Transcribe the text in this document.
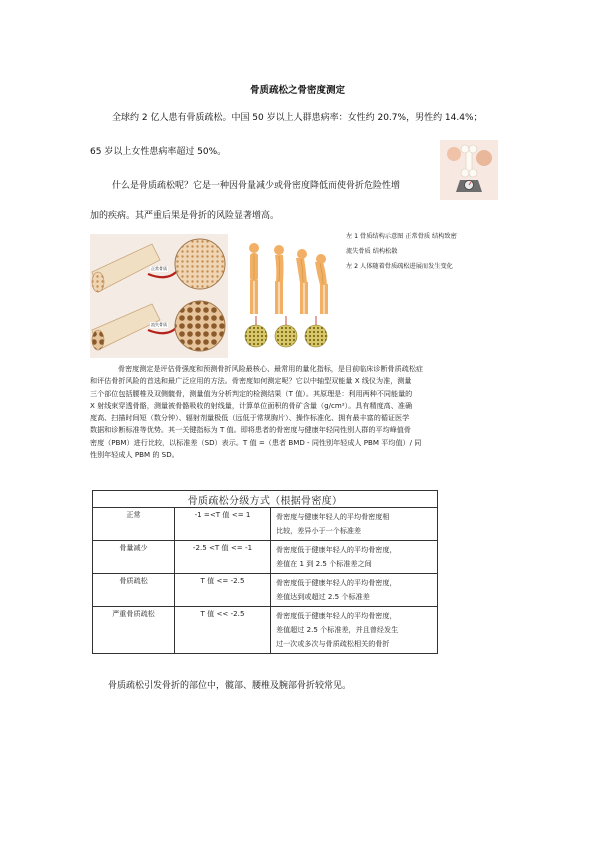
骨质疏松之骨密度测定
全球约 2 亿人患有骨质疏松。中国 50 岁以上人群患病率：女性约 20.7%，男性约 14.4%；
65 岁以上女性患病率超过 50%。
什么是骨质疏松呢？它是一种因骨量减少或骨密度降低而使骨折危险性增
加的疾病。其严重后果是骨折的风险显著增高。
正常骨质
流失骨质
左 1 骨质结构示意图 正常骨质 结构致密
流失骨质 结构松散
左 2 人体随着骨质疏松进展而发生变化
骨密度测定是评估骨强度和预测骨折风险最核心、最常用的量化指标，是目前临床诊断骨质疏松症
和评估骨折风险的首选和最广泛应用的方法。骨密度如何测定呢？它以中轴型双能量 X 线仪为准，测量
三个部位包括腰椎及双侧髋骨，测量值为分析判定的检测结果（T 值）。其原理是：利用两种不同能量的
X 射线束穿透骨骼，测量被骨骼吸收的射线量，计算单位面积的骨矿含量（g/cm²）。具有精度高、准确
度高、扫描时间短（数分钟）、辐射剂量极低（远低于常规胸片）、操作标准化、拥有最丰富的循证医学
数据和诊断标准等优势。其一关键指标为 T 值。即将患者的骨密度与健康年轻同性别人群的平均峰值骨
密度（PBM）进行比较，以标准差（SD）表示。T 值 =（患者 BMD - 同性别年轻成人 PBM 平均值）/ 同
性别年轻成人 PBM 的 SD。
骨质疏松分级方式（根据骨密度）		
正常	-1 =<T 值 <= 1	骨密度与健康年轻人的平均骨密度相
比较，差异小于一个标准差

骨量减少	-2.5 <T 值 <= -1	骨密度低于健康年轻人的平均骨密度，
差值在 1 到 2.5 个标准差之间

骨质疏松	T 值 <= -2.5	骨密度低于健康年轻人的平均骨密度，
差值达到或超过 2.5 个标准差

严重骨质疏松	T 值 << -2.5	骨密度低于健康年轻人的平均骨密度，
差值超过 2.5 个标准差，并且曾经发生
过一次或多次与骨质疏松相关的骨折
骨质疏松引发骨折的部位中，髋部、腰椎及腕部骨折较常见。
